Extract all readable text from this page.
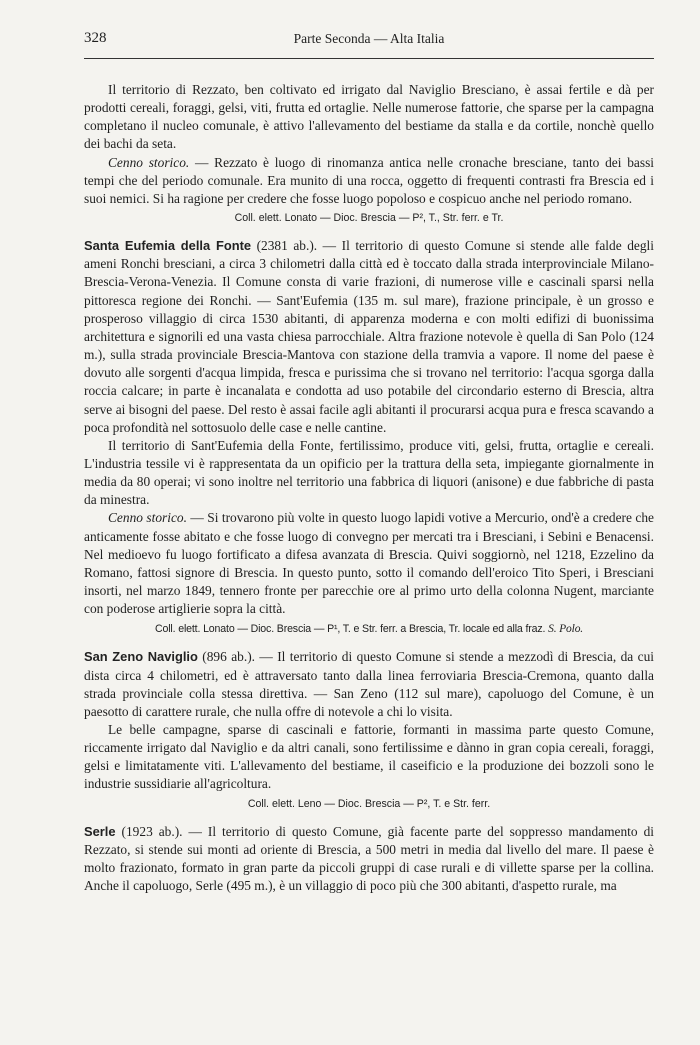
328	Parte Seconda — Alta Italia

Il territorio di Rezzato, ben coltivato ed irrigato dal Naviglio Bresciano, è assai fertile e dà per prodotti cereali, foraggi, gelsi, viti, frutta ed ortaglie. Nelle numerose fattorie, che sparse per la campagna completano il nucleo comunale, è attivo l'allevamento del bestiame da stalla e da cortile, nonchè quello dei bachi da seta.

Cenno storico. — Rezzato è luogo di rinomanza antica nelle cronache bresciane, tanto dei bassi tempi che del periodo comunale. Era munito di una rocca, oggetto di frequenti contrasti fra Brescia ed i suoi nemici. Si ha ragione per credere che fosse luogo popoloso e cospicuo anche nel periodo romano.

Coll. elett. Lonato — Dioc. Brescia — P², T., Str. ferr. e Tr.

Santa Eufemia della Fonte (2381 ab.). — Il territorio di questo Comune si stende alle falde degli ameni Ronchi bresciani, a circa 3 chilometri dalla città ed è toccato dalla strada interprovinciale Milano-Brescia-Verona-Venezia. Il Comune consta di varie frazioni, di numerose ville e cascinali sparsi nella pittoresca regione dei Ronchi. — Sant'Eufemia (135 m. sul mare), frazione principale, è un grosso e prosperoso villaggio di circa 1530 abitanti, di apparenza moderna e con molti edifizi di buonissima architettura e signorili ed una vasta chiesa parrocchiale. Altra frazione notevole è quella di San Polo (124 m.), sulla strada provinciale Brescia-Mantova con stazione della tramvia a vapore. Il nome del paese è dovuto alle sorgenti d'acqua limpida, fresca e purissima che si trovano nel territorio: l'acqua sgorga dalla roccia calcare; in parte è incanalata e condotta ad uso potabile del circondario esterno di Brescia, altra serve ai bisogni del paese. Del resto è assai facile agli abitanti il procurarsi acqua pura e fresca scavando a poca profondità nel sottosuolo delle case e nelle cantine.

Il territorio di Sant'Eufemia della Fonte, fertilissimo, produce viti, gelsi, frutta, ortaglie e cereali. L'industria tessile vi è rappresentata da un opificio per la trattura della seta, impiegante giornalmente in media da 80 operai; vi sono inoltre nel territorio una fabbrica di liquori (anisone) e due fabbriche di pasta da minestra.

Cenno storico. — Si trovarono più volte in questo luogo lapidi votive a Mercurio, ond'è a credere che anticamente fosse abitato e che fosse luogo di convegno per mercati tra i Bresciani, i Sebini e Benacensi. Nel medioevo fu luogo fortificato a difesa avanzata di Brescia. Quivi soggiornò, nel 1218, Ezzelino da Romano, fattosi signore di Brescia. In questo punto, sotto il comando dell'eroico Tito Speri, i Bresciani insorti, nel marzo 1849, tennero fronte per parecchie ore al primo urto della colonna Nugent, marciante con poderose artiglierie sopra la città.

Coll. elett. Lonato — Dioc. Brescia — P¹, T. e Str. ferr. a Brescia, Tr. locale ed alla fraz. S. Polo.

San Zeno Naviglio (896 ab.). — Il territorio di questo Comune si stende a mezzodì di Brescia, da cui dista circa 4 chilometri, ed è attraversato tanto dalla linea ferroviaria Brescia-Cremona, quanto dalla strada provinciale colla stessa direttiva. — San Zeno (112 sul mare), capoluogo del Comune, è un paesotto di carattere rurale, che nulla offre di notevole a chi lo visita.

Le belle campagne, sparse di cascinali e fattorie, formanti in massima parte questo Comune, riccamente irrigato dal Naviglio e da altri canali, sono fertilissime e dànno in gran copia cereali, foraggi, gelsi e limitatamente viti. L'allevamento del bestiame, il caseificio e la produzione dei bozzoli sono le industrie sussidiarie all'agricoltura.

Coll. elett. Leno — Dioc. Brescia — P², T. e Str. ferr.

Serle (1923 ab.). — Il territorio di questo Comune, già facente parte del soppresso mandamento di Rezzato, si stende sui monti ad oriente di Brescia, a 500 metri in media dal livello del mare. Il paese è molto frazionato, formato in gran parte da piccoli gruppi di case rurali e di villette sparse per la collina. Anche il capoluogo, Serle (495 m.), è un villaggio di poco più che 300 abitanti, d'aspetto rurale, ma
